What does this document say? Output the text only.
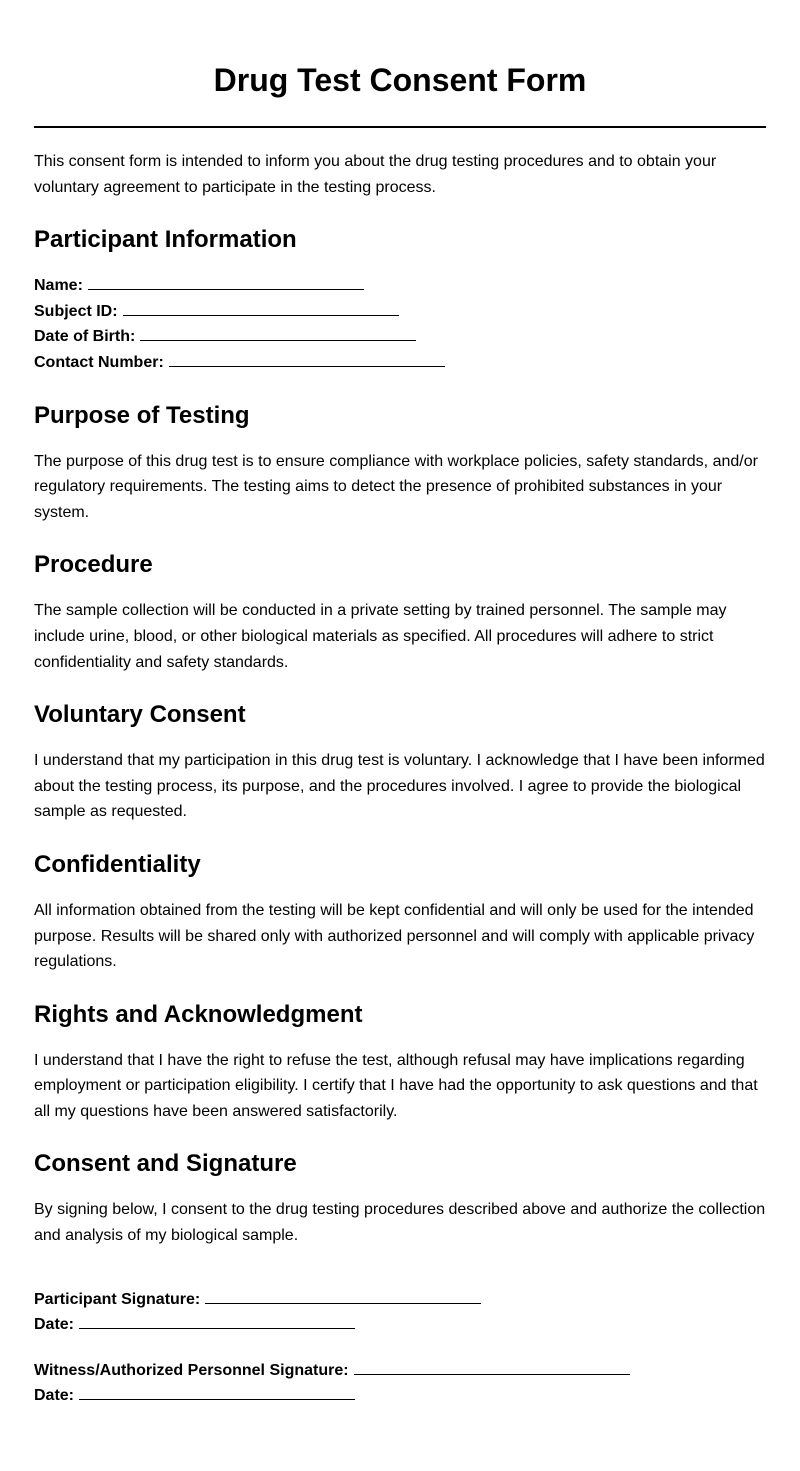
Drug Test Consent Form

This consent form is intended to inform you about the drug testing procedures and to obtain your voluntary agreement to participate in the testing process.

Participant Information
Name:
Subject ID:
Date of Birth:
Contact Number:
Purpose of Testing

The purpose of this drug test is to ensure compliance with workplace policies, safety standards, and/or regulatory requirements. The testing aims to detect the presence of prohibited substances in your system.

Procedure

The sample collection will be conducted in a private setting by trained personnel. The sample may include urine, blood, or other biological materials as specified. All procedures will adhere to strict confidentiality and safety standards.

Voluntary Consent

I understand that my participation in this drug test is voluntary. I acknowledge that I have been informed about the testing process, its purpose, and the procedures involved. I agree to provide the biological sample as requested.

Confidentiality

All information obtained from the testing will be kept confidential and will only be used for the intended purpose. Results will be shared only with authorized personnel and will comply with applicable privacy regulations.

Rights and Acknowledgment

I understand that I have the right to refuse the test, although refusal may have implications regarding employment or participation eligibility. I certify that I have had the opportunity to ask questions and that all my questions have been answered satisfactorily.

Consent and Signature

By signing below, I consent to the drug testing procedures described above and authorize the collection and analysis of my biological sample.

Participant Signature:
Date:
Witness/Authorized Personnel Signature:
Date:
